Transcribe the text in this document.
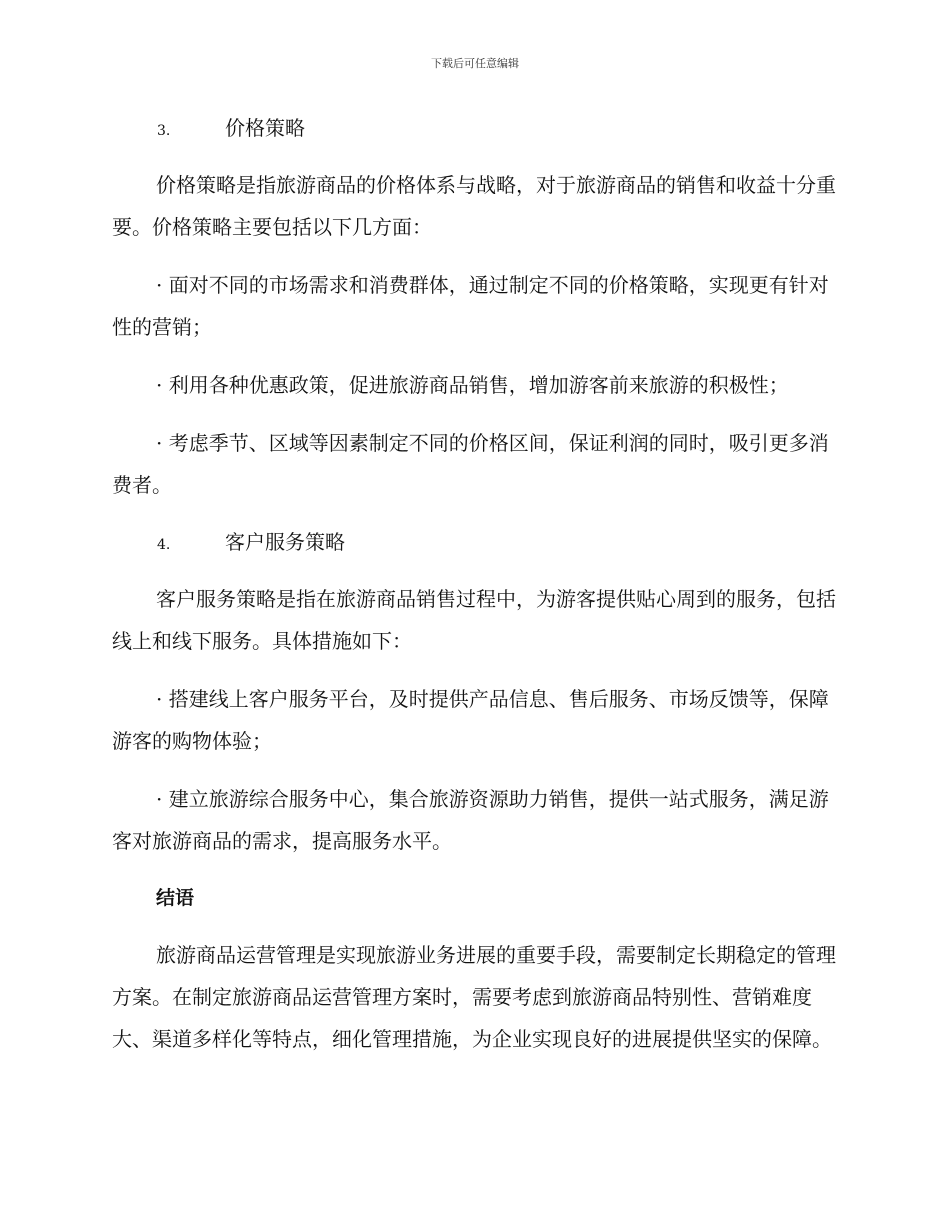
下载后可任意编辑
3.	价格策略

价格策略是指旅游商品的价格体系与战略，对于旅游商品的销售和收益十分重要。价格策略主要包括以下几方面：

· 面对不同的市场需求和消费群体，通过制定不同的价格策略，实现更有针对性的营销；

· 利用各种优惠政策，促进旅游商品销售，增加游客前来旅游的积极性；

· 考虑季节、区域等因素制定不同的价格区间，保证利润的同时，吸引更多消费者。

4.	客户服务策略

客户服务策略是指在旅游商品销售过程中，为游客提供贴心周到的服务，包括线上和线下服务。具体措施如下：

· 搭建线上客户服务平台，及时提供产品信息、售后服务、市场反馈等，保障游客的购物体验；

· 建立旅游综合服务中心，集合旅游资源助力销售，提供一站式服务，满足游客对旅游商品的需求，提高服务水平。

结语

旅游商品运营管理是实现旅游业务进展的重要手段，需要制定长期稳定的管理方案。在制定旅游商品运营管理方案时，需要考虑到旅游商品特别性、营销难度大、渠道多样化等特点，细化管理措施，为企业实现良好的进展提供坚实的保障。
